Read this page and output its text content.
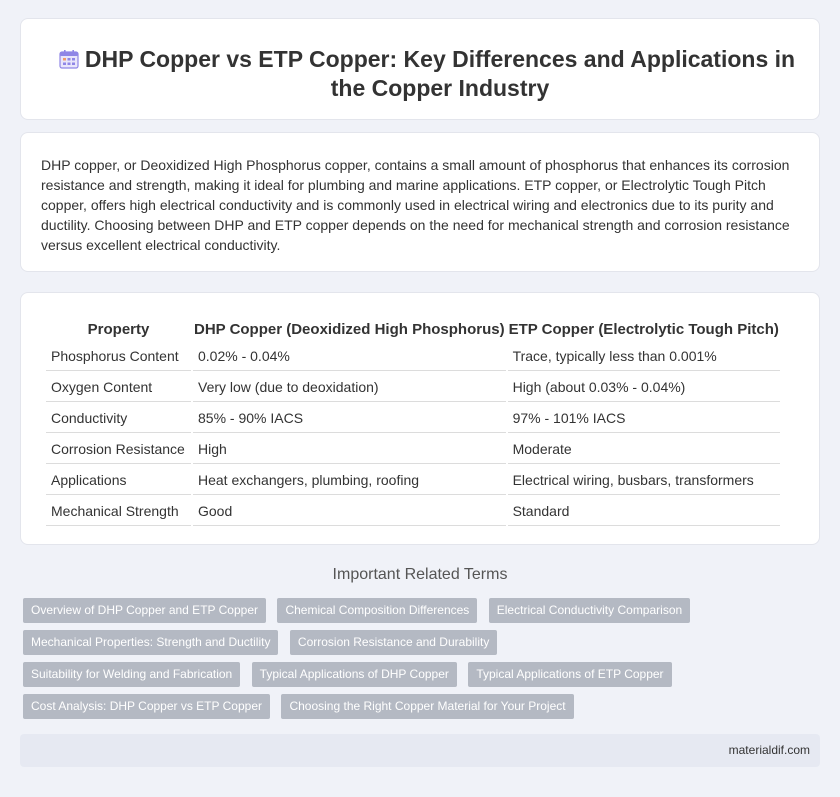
DHP Copper vs ETP Copper: Key Differences and Applications in the Copper Industry

DHP copper, or Deoxidized High Phosphorus copper, contains a small amount of phosphorus that enhances its corrosion resistance and strength, making it ideal for plumbing and marine applications. ETP copper, or Electrolytic Tough Pitch copper, offers high electrical conductivity and is commonly used in electrical wiring and electronics due to its purity and ductility. Choosing between DHP and ETP copper depends on the need for mechanical strength and corrosion resistance versus excellent electrical conductivity.

Property	DHP Copper (Deoxidized High Phosphorus)	ETP Copper (Electrolytic Tough Pitch)
Phosphorus Content	0.02% - 0.04%	Trace, typically less than 0.001%
Oxygen Content	Very low (due to deoxidation)	High (about 0.03% - 0.04%)
Conductivity	85% - 90% IACS	97% - 101% IACS
Corrosion Resistance	High	Moderate
Applications	Heat exchangers, plumbing, roofing	Electrical wiring, busbars, transformers
Mechanical Strength	Good	Standard
Important Related Terms
Overview of DHP Copper and ETP Copper Chemical Composition Differences Electrical Conductivity Comparison Mechanical Properties: Strength and Ductility Corrosion Resistance and Durability Suitability for Welding and Fabrication Typical Applications of DHP Copper Typical Applications of ETP Copper Cost Analysis: DHP Copper vs ETP Copper Choosing the Right Copper Material for Your Project
materialdif.com
